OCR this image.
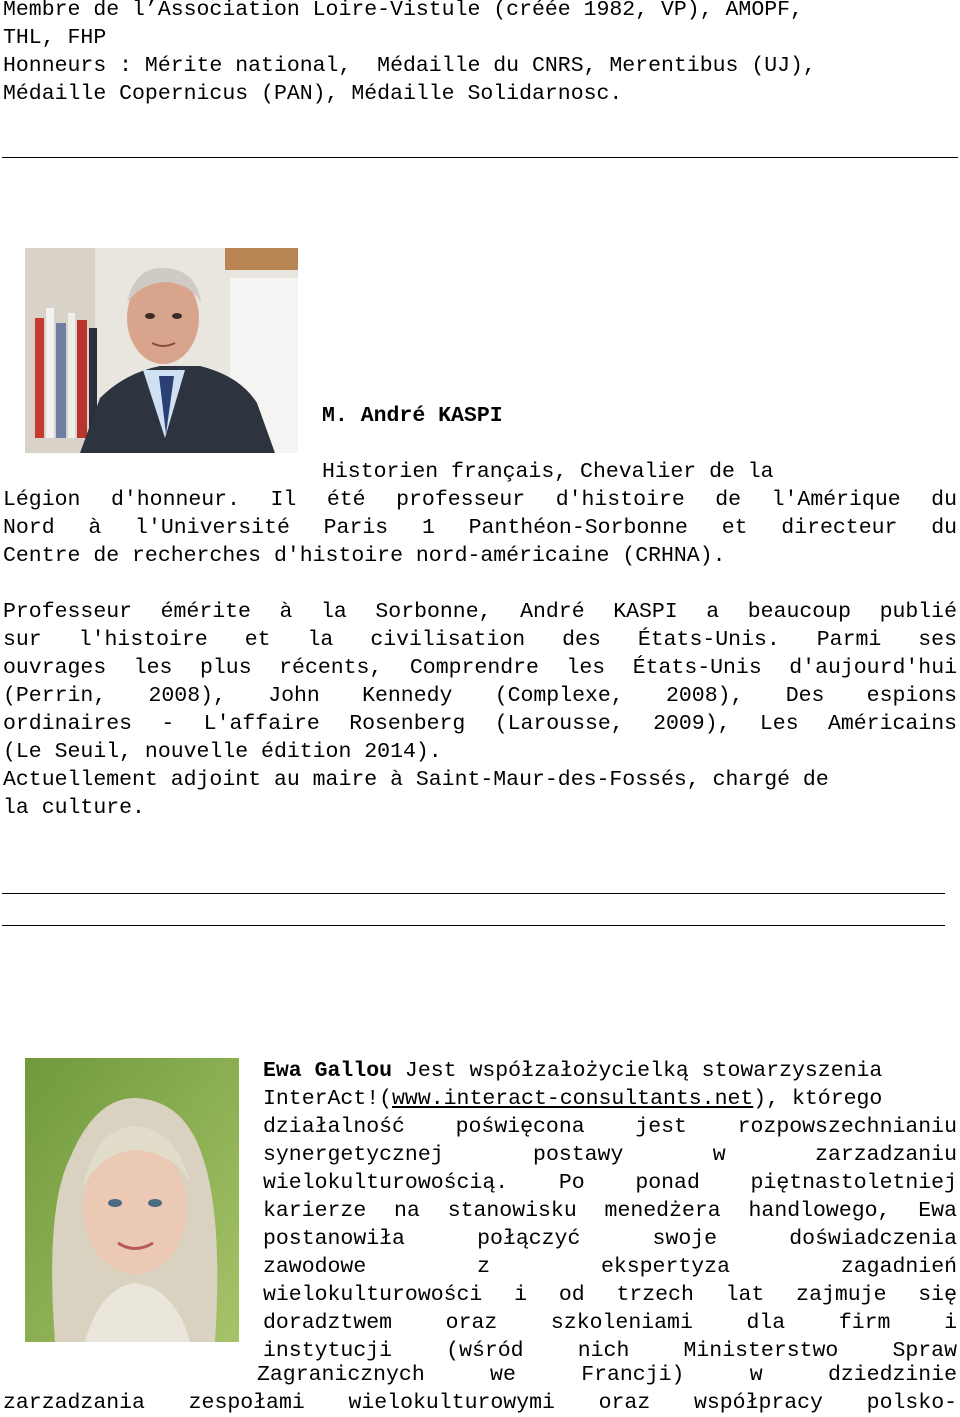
Membre de l’Association Loire-Vistule (créée 1982, VP), AMOPF,
THL, FHP
Honneurs : Mérite national,  Médaille du CNRS, Merentibus (UJ),
Médaille Copernicus (PAN), Médaille Solidarnosc.
M. André KASPI
Historien français, Chevalier de la
Légion d'honneur. Il été professeur d'histoire de l'Amérique du
Nord à l'Université Paris 1 Panthéon-Sorbonne et directeur du
Centre de recherches d'histoire nord-américaine (CRHNA).
Professeur émérite à la Sorbonne, André KASPI a beaucoup publié
sur l'histoire et la civilisation des États-Unis. Parmi ses
ouvrages les plus récents, Comprendre les États-Unis d'aujourd'hui
(Perrin, 2008), John Kennedy (Complexe, 2008), Des espions
ordinaires - L'affaire Rosenberg (Larousse, 2009), Les Américains
(Le Seuil, nouvelle édition 2014).
Actuellement adjoint au maire à Saint-Maur-des-Fossés, chargé de
la culture.
Ewa Gallou Jest współzałożycielką stowarzyszenia
InterAct!(www.interact-consultants.net), którego
działalność poświęcona jest rozpowszechnianiu
synergetycznej postawy w zarzadzaniu
wielokulturowością. Po ponad piętnastoletniej
karierze na stanowisku menedżera handlowego, Ewa
postanowiła połączyć swoje doświadczenia
zawodowe z ekspertyza zagadnień
wielokulturowości i od trzech lat zajmuje się
doradztwem oraz szkoleniami dla firm i
instytucji (wśród nich Ministerstwo Spraw
Zagranicznych we Francji) w dziedzinie
zarzadzania zespołami wielokulturowymi oraz współpracy polsko-
